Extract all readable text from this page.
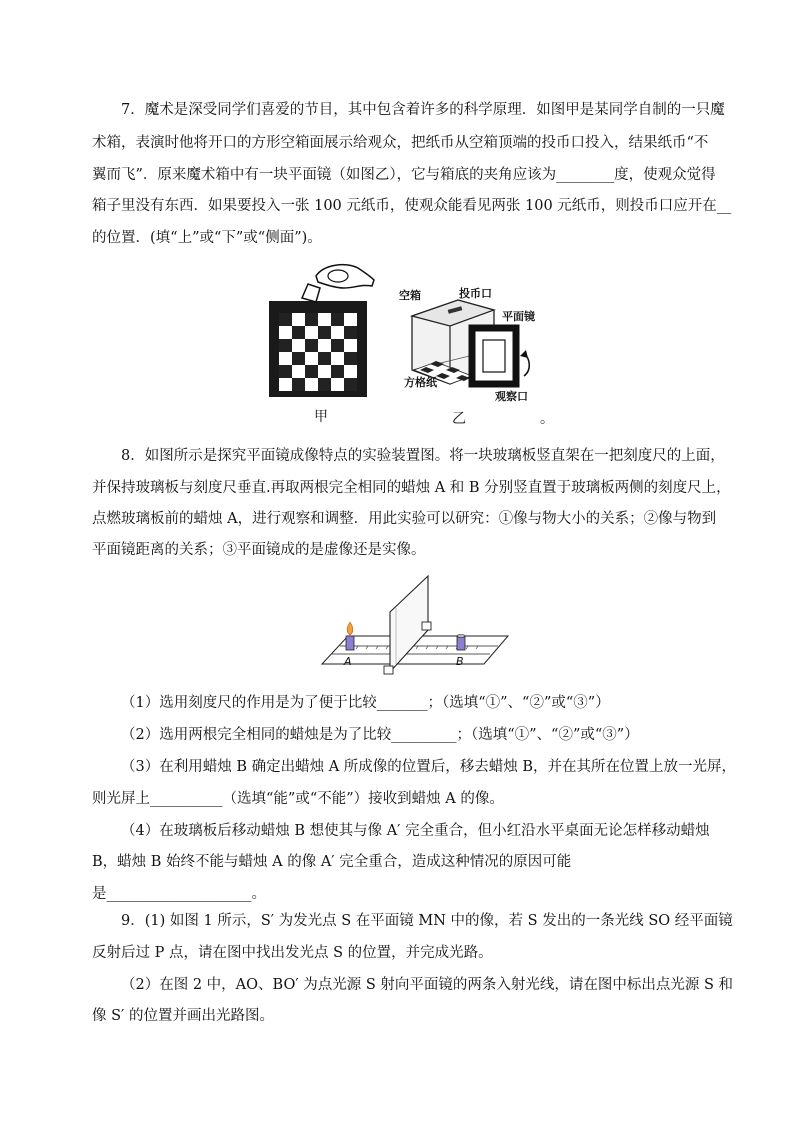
7．魔术是深受同学们喜爱的节目，其中包含着许多的科学原理．如图甲是某同学自制的一只魔
术箱，表演时他将开口的方形空箱面展示给观众，把纸币从空箱顶端的投币口投入，结果纸币“不
翼而飞”．原来魔术箱中有一块平面镜（如图乙），它与箱底的夹角应该为________度，使观众觉得
箱子里没有东西．如果要投入一张 100 元纸币，使观众能看见两张 100 元纸币，则投币口应开在__
的位置．(填“上”或“下”或“侧面”)。
甲	乙
空箱	投币口
平面镜
方格纸
观察口
。
8．如图所示是探究平面镜成像特点的实验装置图。将一块玻璃板竖直架在一把刻度尺的上面，
并保持玻璃板与刻度尺垂直.再取两根完全相同的蜡烛 A 和 B 分别竖直置于玻璃板两侧的刻度尺上，
点燃玻璃板前的蜡烛 A，进行观察和调整．用此实验可以研究：①像与物大小的关系；②像与物到
平面镜距离的关系；③平面镜成的是虚像还是实像。
A	B
（1）选用刻度尺的作用是为了便于比较_______；（选填“①”、“②”或“③”）
（2）选用两根完全相同的蜡烛是为了比较_________；（选填“①”、“②”或“③”）
（3）在利用蜡烛 B 确定出蜡烛 A 所成像的位置后，移去蜡烛 B，并在其所在位置上放一光屏，
则光屏上__________（选填“能”或“不能”）接收到蜡烛 A 的像。
（4）在玻璃板后移动蜡烛 B 想使其与像 A′ 完全重合，但小红沿水平桌面无论怎样移动蜡烛
B，蜡烛 B 始终不能与蜡烛 A 的像 A′ 完全重合，造成这种情况的原因可能
是____________________。
9．(1) 如图 1 所示，S′ 为发光点 S 在平面镜 MN 中的像，若 S 发出的一条光线 SO 经平面镜
反射后过 P 点，请在图中找出发光点 S 的位置，并完成光路。
（2）在图 2 中，AO、BO′ 为点光源 S 射向平面镜的两条入射光线，请在图中标出点光源 S 和
像 S′ 的位置并画出光路图。
